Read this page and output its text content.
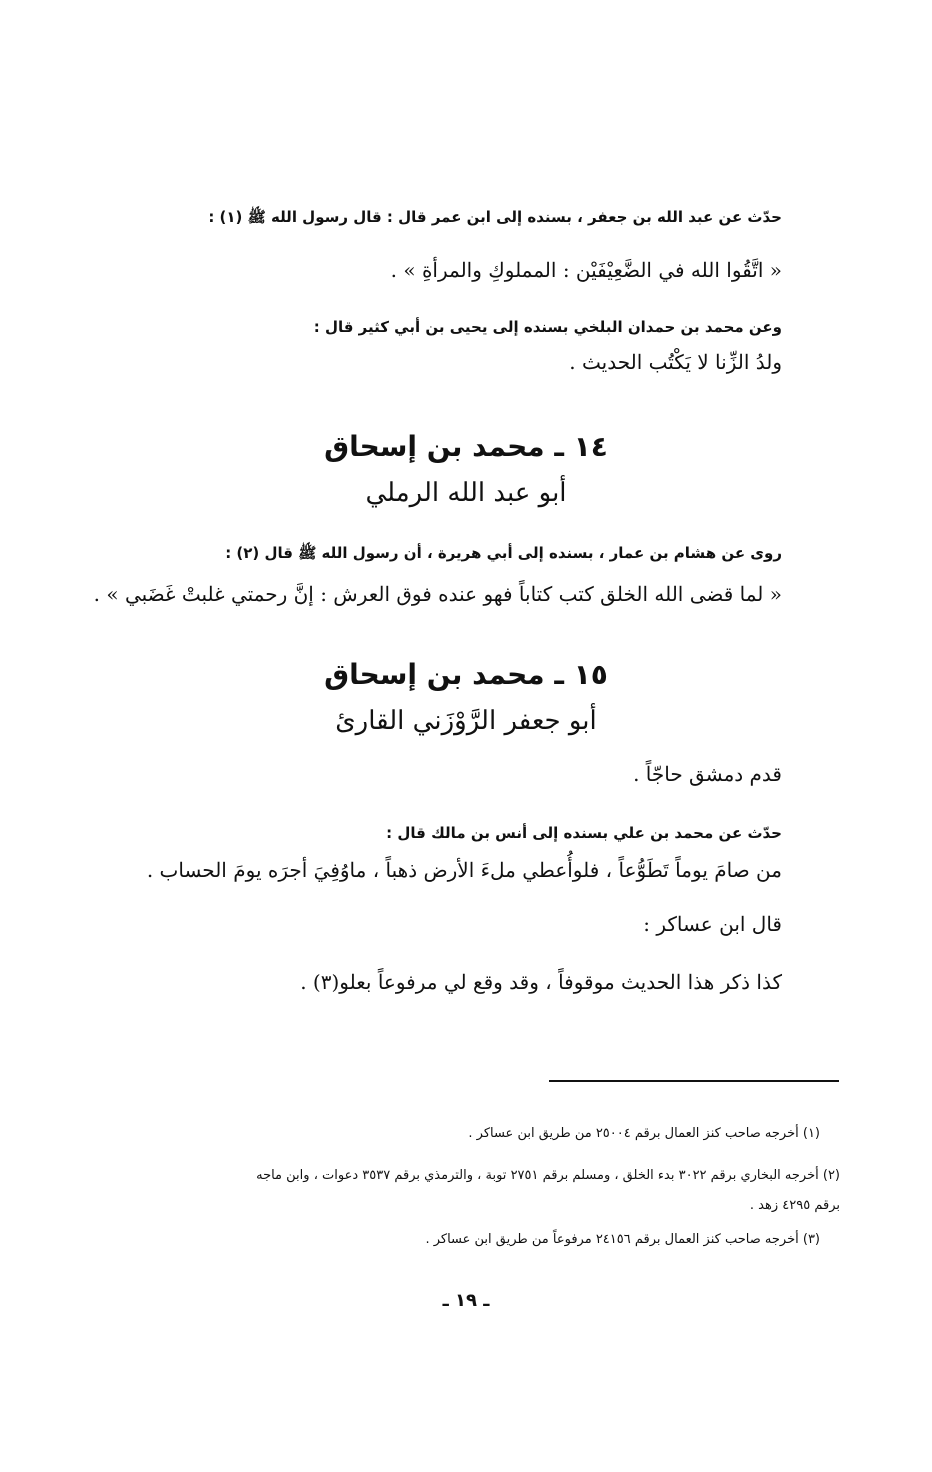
حدّث عن عبد الله بن جعفر ، بسنده إلى ابن عمر قال : قال رسول الله ﷺ (١) :
« اتَّقُوا الله في الضَّعِيْفَيْن : المملوكِ والمرأةِ » .
وعن محمد بن حمدان البلخي بسنده إلى يحيى بن أبي كثير قال :
ولدُ الزِّنا لا يَكْتُب الحديث .
١٤ ـ محمد بن إسحاق
أبو عبد الله الرملي
روى عن هشام بن عمار ، بسنده إلى أبي هريرة ، أن رسول الله ﷺ قال (٢) :
« لما قضى الله الخلق كتب كتاباً فهو عنده فوق العرش : إنَّ رحمتي غلبتْ غَضَبي » .
١٥ ـ محمد بن إسحاق
أبو جعفر الرَّوْزَني القارئ
قدم دمشق حاجّاً .
حدّث عن محمد بن علي بسنده إلى أنس بن مالك قال :
من صامَ يوماً تَطَوُّعاً ، فلوأُعطي ملءَ الأرض ذهباً ، ماوُفِيَ أجرَه يومَ الحساب .
قال ابن عساكر :
كذا ذكر هذا الحديث موقوفاً ، وقد وقع لي مرفوعاً بعلو(٣) .
(١) أخرجه صاحب كنز العمال برقم ٢٥٠٠٤ من طريق ابن عساكر .
(٢) أخرجه البخاري برقم ٣٠٢٢ بدء الخلق ، ومسلم برقم ٢٧٥١ توبة ، والترمذي برقم ٣٥٣٧ دعوات ، وابن ماجه
برقم ٤٢٩٥ زهد .
(٣) أخرجه صاحب كنز العمال برقم ٢٤١٥٦ مرفوعاً من طريق ابن عساكر .
ـ ١٩ ـ
